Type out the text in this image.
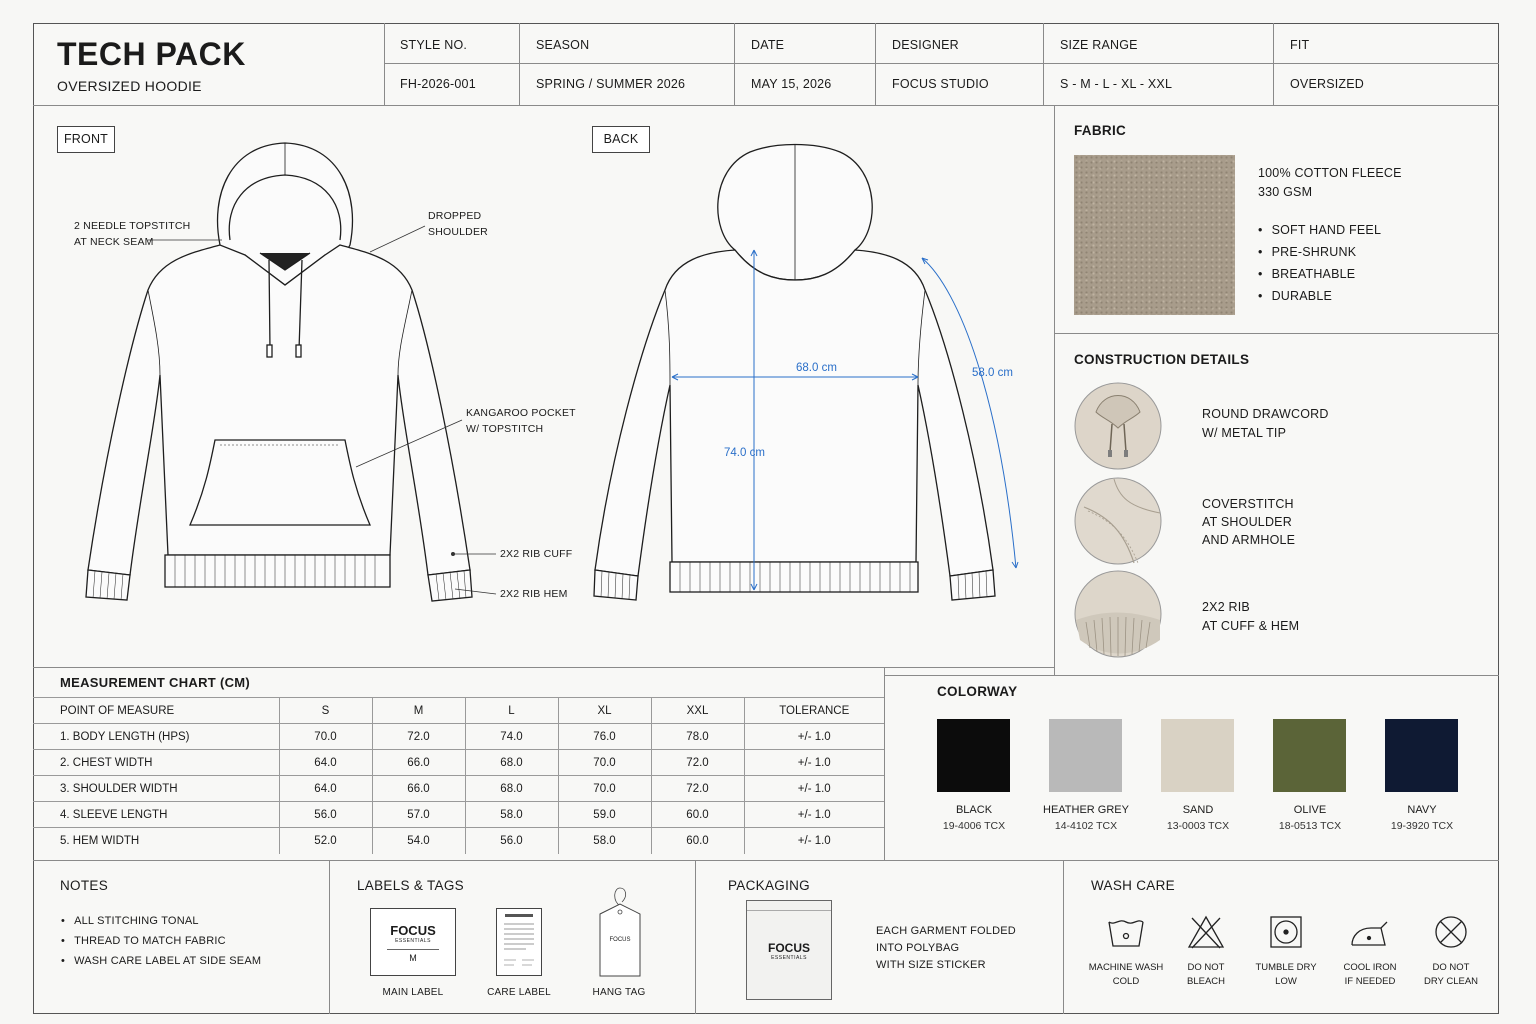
TECH PACK
OVERSIZED HOODIE
STYLE NO.
FH-2026-001
SEASON
SPRING / SUMMER 2026
DATE
MAY 15, 2026
DESIGNER
FOCUS STUDIO
SIZE RANGE
S - M - L - XL - XXL
FIT
OVERSIZED
FRONT
2 NEEDLE TOPSTITCH
AT NECK SEAM
DROPPED
SHOULDER
KANGAROO POCKET
W/ TOPSTITCH
2X2 RIB CUFF
2X2 RIB HEM
BACK
68.0 cm
74.0 cm
58.0 cm
FABRIC
100% COTTON FLEECE
330 GSM
• SOFT HAND FEEL
• PRE-SHRUNK
• BREATHABLE
• DURABLE
CONSTRUCTION DETAILS
ROUND DRAWCORD
W/ METAL TIP
COVERSTITCH
AT SHOULDER
AND ARMHOLE
2X2 RIB
AT CUFF & HEM
MEASUREMENT CHART (CM)
POINT OF MEASURE	S	M	L	XL	XXL	TOLERANCE
1. BODY LENGTH (HPS)	70.0	72.0	74.0	76.0	78.0	+/- 1.0
2. CHEST WIDTH	64.0	66.0	68.0	70.0	72.0	+/- 1.0
3. SHOULDER WIDTH	64.0	66.0	68.0	70.0	72.0	+/- 1.0
4. SLEEVE LENGTH	56.0	57.0	58.0	59.0	60.0	+/- 1.0
5. HEM WIDTH	52.0	54.0	56.0	58.0	60.0	+/- 1.0
COLORWAY
BLACK
19-4006 TCX
HEATHER GREY
14-4102 TCX
SAND
13-0003 TCX
OLIVE
18-0513 TCX
NAVY
19-3920 TCX
NOTES
• ALL STITCHING TONAL
• THREAD TO MATCH FABRIC
• WASH CARE LABEL AT SIDE SEAM
LABELS & TAGS
FOCUS
ESSENTIALS
M
MAIN LABEL	CARE LABEL
FOCUS
HANG TAG
PACKAGING
FOCUS
ESSENTIALS
EACH GARMENT FOLDED
INTO POLYBAG
WITH SIZE STICKER
WASH CARE
MACHINE WASH
COLD
DO NOT
BLEACH
TUMBLE DRY
LOW
COOL IRON
IF NEEDED
DO NOT
DRY CLEAN
